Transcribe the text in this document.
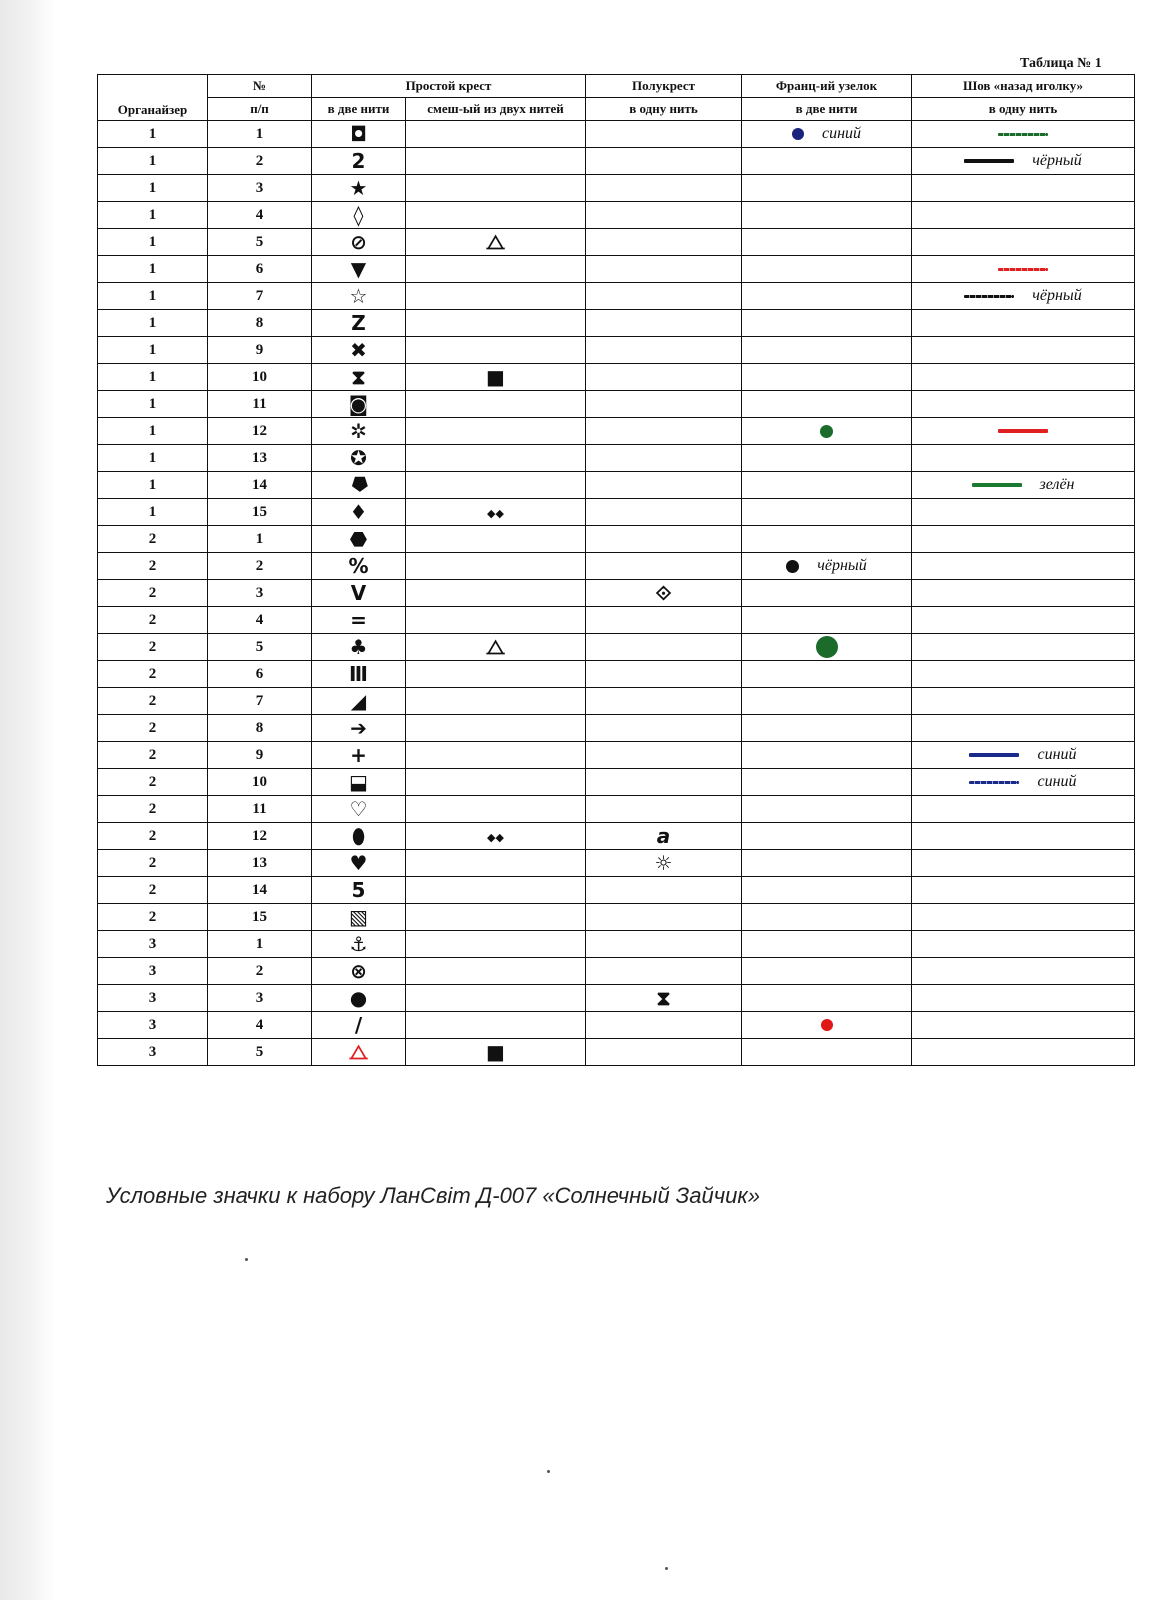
Таблица № 1
Органайзер	№	Простой крест		Полукрест	Франц-ий узелок	Шов «назад иголку»
	п/п	в две нити	смеш-ый из двух нитей	в одну нить	в две нити	в одну нить
1	1	◘			синий	

1	2	2				чёрный

1	3	★				
1	4	◊				
1	5	⊘	⧍			
1	6	▼				

1	7	☆				чёрный

1	8	Z				
1	9	✖				
1	10	⧗	■			
1	11	◙				
1	12	✲			

1	13	✪				
1	14	⯂				зелён

1	15	♦	◆◆			
2	1	⬣				
2	2	%			чёрный	

2	3	V		⟐		
2	4	=				
2	5	♣	⧍		

2	6	Ⅲ				
2	7	◢				
2	8	➔				
2	9	+				синий

2	10	⬓				синий

2	11	♡				
2	12	⬮	◆◆	a		
2	13	♥		☼		
2	14	5				
2	15	▧				
3	1	⚓				
3	2	⊗				
3	3	●		⧗		
3	4	/			

3	5	⧍	■			
Условные значки к набору ЛанСвіт Д-007 «Солнечный Зайчик»
